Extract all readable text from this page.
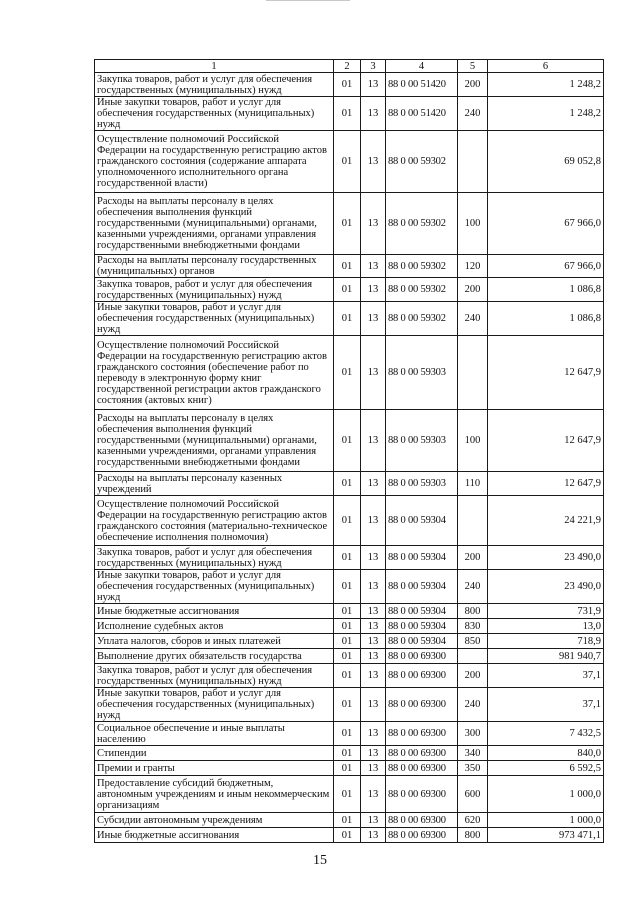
1	2	3	4	5	6
Закупка товаров, работ и услуг для обеспечения государственных (муниципальных) нужд	01	13	88 0 00 51420	200	1 248,2
Иные закупки товаров, работ и услуг для обеспечения государственных (муниципальных) нужд	01	13	88 0 00 51420	240	1 248,2
Осуществление полномочий Российской Федерации на государственную регистрацию актов гражданского состояния (содержание аппарата уполномоченного исполнительного органа государственной власти)	01	13	88 0 00 59302		69 052,8
Расходы на выплаты персоналу в целях обеспечения выполнения функций государственными (муниципальными) органами, казенными учреждениями, органами управления государственными внебюджетными фондами	01	13	88 0 00 59302	100	67 966,0
Расходы на выплаты персоналу государственных (муниципальных) органов	01	13	88 0 00 59302	120	67 966,0
Закупка товаров, работ и услуг для обеспечения государственных (муниципальных) нужд	01	13	88 0 00 59302	200	1 086,8
Иные закупки товаров, работ и услуг для обеспечения государственных (муниципальных) нужд	01	13	88 0 00 59302	240	1 086,8
Осуществление полномочий Российской Федерации на государственную регистрацию актов гражданского состояния (обеспечение работ по переводу в электронную форму книг государственной регистрации актов гражданского состояния (актовых книг)	01	13	88 0 00 59303		12 647,9
Расходы на выплаты персоналу в целях обеспечения выполнения функций государственными (муниципальными) органами, казенными учреждениями, органами управления государственными внебюджетными фондами	01	13	88 0 00 59303	100	12 647,9
Расходы на выплаты персоналу казенных учреждений	01	13	88 0 00 59303	110	12 647,9
Осуществление полномочий Российской Федерации на государственную регистрацию актов гражданского состояния (материально-техническое обеспечение исполнения полномочия)	01	13	88 0 00 59304		24 221,9
Закупка товаров, работ и услуг для обеспечения государственных (муниципальных) нужд	01	13	88 0 00 59304	200	23 490,0
Иные закупки товаров, работ и услуг для обеспечения государственных (муниципальных) нужд	01	13	88 0 00 59304	240	23 490,0
Иные бюджетные ассигнования	01	13	88 0 00 59304	800	731,9
Исполнение судебных актов	01	13	88 0 00 59304	830	13,0
Уплата налогов, сборов и иных платежей	01	13	88 0 00 59304	850	718,9
Выполнение других обязательств государства	01	13	88 0 00 69300		981 940,7
Закупка товаров, работ и услуг для обеспечения государственных (муниципальных) нужд	01	13	88 0 00 69300	200	37,1
Иные закупки товаров, работ и услуг для обеспечения государственных (муниципальных) нужд	01	13	88 0 00 69300	240	37,1
Социальное обеспечение и иные выплаты населению	01	13	88 0 00 69300	300	7 432,5
Стипендии	01	13	88 0 00 69300	340	840,0
Премии и гранты	01	13	88 0 00 69300	350	6 592,5
Предоставление субсидий бюджетным, автономным учреждениям и иным некоммерческим организациям	01	13	88 0 00 69300	600	1 000,0
Субсидии автономным учреждениям	01	13	88 0 00 69300	620	1 000,0
Иные бюджетные ассигнования	01	13	88 0 00 69300	800	973 471,1
15
